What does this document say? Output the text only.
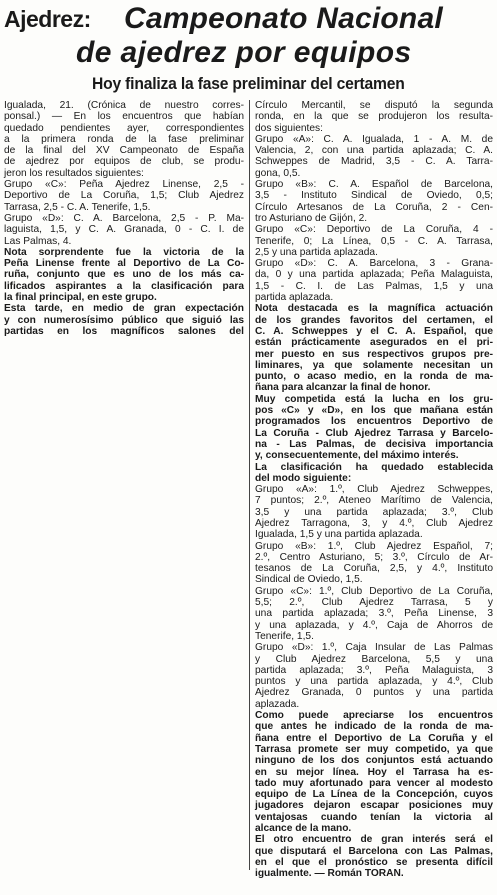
Ajedrez: Campeonato Nacional
de ajedrez por equipos
Hoy finaliza la fase preliminar del certamen
Igualada, 21. (Crónica de nuestro corres-
ponsal.) — En los encuentros que habían
quedado pendientes ayer, correspondientes
a la primera ronda de la fase preliminar
de la final del XV Campeonato de España
de ajedrez por equipos de club, se produ-
jeron los resultados siguientes:
Grupo «C»: Peña Ajedrez Linense, 2,5 -
Deportivo de La Coruña, 1,5; Club Ajedrez
Tarrasa, 2,5 - C. A. Tenerife, 1,5.
Grupo «D»: C. A. Barcelona, 2,5 - P. Ma-
laguista, 1,5, y C. A. Granada, 0 - C. I. de
Las Palmas, 4.
Nota sorprendente fue la victoria de la
Peña Linense frente al Deportivo de La Co-
ruña, conjunto que es uno de los más ca-
lificados aspirantes a la clasificación para
la final principal, en este grupo.
Esta tarde, en medio de gran expectación
y con numerosísimo público que siguió las
partidas en los magníficos salones del
Círculo Mercantil, se disputó la segunda
ronda, en la que se produjeron los resulta-
dos siguientes:
Grupo «A»: C. A. Igualada, 1 - A. M. de
Valencia, 2, con una partida aplazada; C. A.
Schweppes de Madrid, 3,5 - C. A. Tarra-
gona, 0,5.
Grupo «B»: C. A. Español de Barcelona,
3,5 - Instituto Sindical de Oviedo, 0,5;
Círculo Artesanos de La Coruña, 2 - Cen-
tro Asturiano de Gijón, 2.
Grupo «C»: Deportivo de La Coruña, 4 -
Tenerife, 0; La Línea, 0,5 - C. A. Tarrasa,
2,5 y una partida aplazada.
Grupo «D»: C. A. Barcelona, 3 - Grana-
da, 0 y una partida aplazada; Peña Malaguista,
1,5 - C. I. de Las Palmas, 1,5 y una
partida aplazada.
Nota destacada es la magnífica actuación
de los grandes favoritos del certamen, el
C. A. Schweppes y el C. A. Español, que
están prácticamente asegurados en el pri-
mer puesto en sus respectivos grupos pre-
liminares, ya que solamente necesitan un
punto, o acaso medio, en la ronda de ma-
ñana para alcanzar la final de honor.
Muy competida está la lucha en los gru-
pos «C» y «D», en los que mañana están
programados los encuentros Deportivo de
La Coruña - Club Ajedrez Tarrasa y Barcelo-
na - Las Palmas, de decisiva importancia
y, consecuentemente, del máximo interés.
La clasificación ha quedado establecida
del modo siguiente:
Grupo «A»: 1.º, Club Ajedrez Schweppes,
7 puntos; 2.º, Ateneo Marítimo de Valencia,
3,5 y una partida aplazada; 3.º, Club
Ajedrez Tarragona, 3, y 4.º, Club Ajedrez
Igualada, 1,5 y una partida aplazada.
Grupo «B»: 1.º, Club Ajedrez Español, 7;
2.º, Centro Asturiano, 5; 3.º, Círculo de Ar-
tesanos de La Coruña, 2,5, y 4.º, Instituto
Sindical de Oviedo, 1,5.
Grupo «C»: 1.º, Club Deportivo de La Coruña,
5,5; 2.º, Club Ajedrez Tarrasa, 5 y
una partida aplazada; 3.º, Peña Linense, 3
y una aplazada, y 4.º, Caja de Ahorros de
Tenerife, 1,5.
Grupo «D»: 1.º, Caja Insular de Las Palmas
y Club Ajedrez Barcelona, 5,5 y una
partida aplazada; 3.º, Peña Malaguista, 3
puntos y una partida aplazada, y 4.º, Club
Ajedrez Granada, 0 puntos y una partida
aplazada.
Como puede apreciarse los encuentros
que antes he indicado de la ronda de ma-
ñana entre el Deportivo de La Coruña y el
Tarrasa promete ser muy competido, ya que
ninguno de los dos conjuntos está actuando
en su mejor línea. Hoy el Tarrasa ha es-
tado muy afortunado para vencer al modesto
equipo de La Línea de la Concepción, cuyos
jugadores dejaron escapar posiciones muy
ventajosas cuando tenían la victoria al
alcance de la mano.
El otro encuentro de gran interés será el
que disputará el Barcelona con Las Palmas,
en el que el pronóstico se presenta difícil
igualmente. — Román TORAN.
